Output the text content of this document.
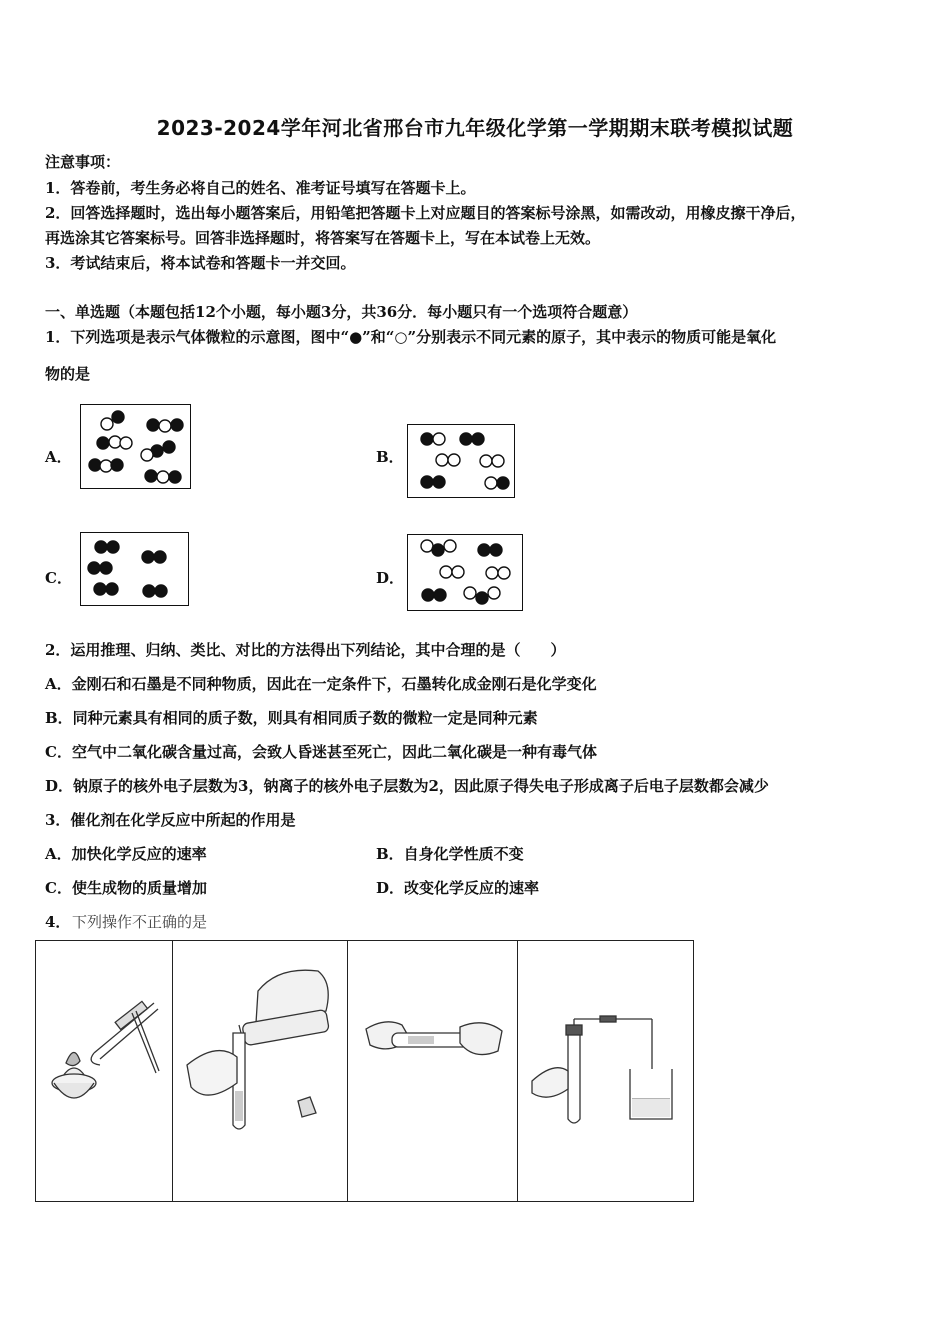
2023-2024学年河北省邢台市九年级化学第一学期期末联考模拟试题
注意事项：
1．答卷前，考生务必将自己的姓名、准考证号填写在答题卡上。
2．回答选择题时，选出每小题答案后，用铅笔把答题卡上对应题目的答案标号涂黑，如需改动，用橡皮擦干净后，
再选涂其它答案标号。回答非选择题时，将答案写在答题卡上，写在本试卷上无效。
3．考试结束后，将本试卷和答题卡一并交回。
一、单选题（本题包括12个小题，每小题3分，共36分．每小题只有一个选项符合题意）
1．下列选项是表示气体微粒的示意图，图中“●”和“○”分别表示不同元素的原子，其中表示的物质可能是氧化
物的是
A．	B．
C．	D．
2．运用推理、归纳、类比、对比的方法得出下列结论，其中合理的是（　　）
A．金刚石和石墨是不同种物质，因此在一定条件下，石墨转化成金刚石是化学变化
B．同种元素具有相同的质子数，则具有相同质子数的微粒一定是同种元素
C．空气中二氧化碳含量过高，会致人昏迷甚至死亡，因此二氧化碳是一种有毒气体
D．钠原子的核外电子层数为3，钠离子的核外电子层数为2，因此原子得失电子形成离子后电子层数都会减少
3．催化剂在化学反应中所起的作用是
A．加快化学反应的速率	B．自身化学性质不变
C．使生成物的质量增加	D．改变化学反应的速率
4． 下列操作不正确的是
